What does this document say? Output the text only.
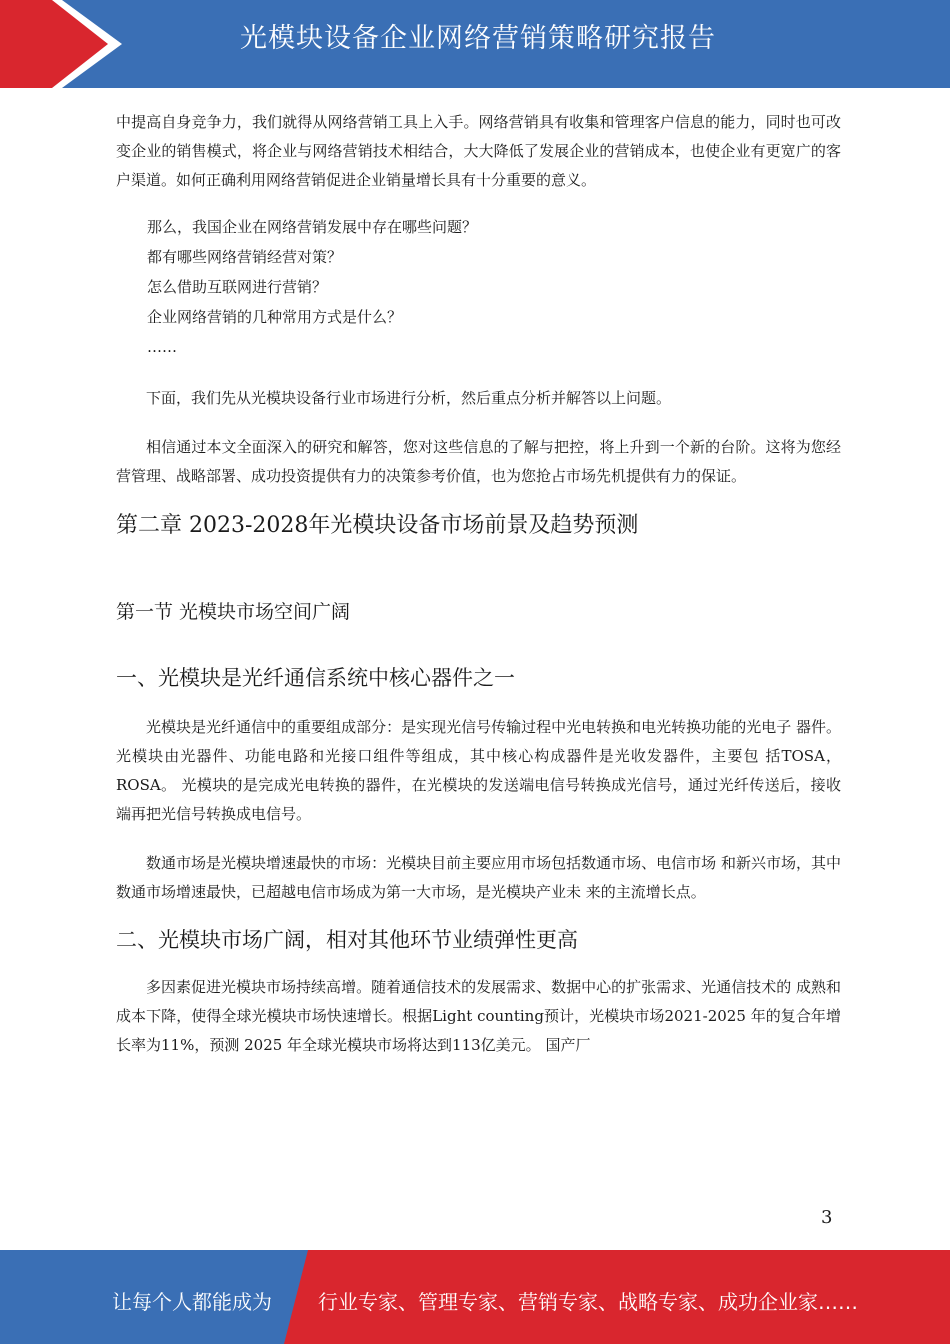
光模块设备企业网络营销策略研究报告

中提高自身竞争力，我们就得从网络营销工具上入手。网络营销具有收集和管理客户信息的能力，同时也可改变企业的销售模式，将企业与网络营销技术相结合，大大降低了发展企业的营销成本，也使企业有更宽广的客户渠道。如何正确利用网络营销促进企业销量增长具有十分重要的意义。

那么，我国企业在网络营销发展中存在哪些问题？
都有哪些网络营销经营对策？
怎么借助互联网进行营销？
企业网络营销的几种常用方式是什么？
……

下面，我们先从光模块设备行业市场进行分析，然后重点分析并解答以上问题。

相信通过本文全面深入的研究和解答，您对这些信息的了解与把控，将上升到一个新的台阶。这将为您经营管理、战略部署、成功投资提供有力的决策参考价值，也为您抢占市场先机提供有力的保证。

第二章 2023-2028年光模块设备市场前景及趋势预测
第一节 光模块市场空间广阔
一、光模块是光纤通信系统中核心器件之一

光模块是光纤通信中的重要组成部分：是实现光信号传输过程中光电转换和电光转换功能的光电子 器件。光模块由光器件、功能电路和光接口组件等组成，其中核心构成器件是光收发器件，主要包 括TOSA，ROSA。 光模块的是完成光电转换的器件，在光模块的发送端电信号转换成光信号，通过光纤传送后，接收 端再把光信号转换成电信号。

数通市场是光模块增速最快的市场：光模块目前主要应用市场包括数通市场、电信市场 和新兴市场，其中数通市场增速最快，已超越电信市场成为第一大市场，是光模块产业未 来的主流增长点。

二、光模块市场广阔，相对其他环节业绩弹性更高

多因素促进光模块市场持续高增。随着通信技术的发展需求、数据中心的扩张需求、光通信技术的 成熟和成本下降，使得全球光模块市场快速增长。根据Light counting预计，光模块市场2021-2025 年的复合年增长率为11%，预测 2025 年全球光模块市场将达到113亿美元。 国产厂

3
让每个人都能成为 行业专家、管理专家、营销专家、战略专家、成功企业家……
